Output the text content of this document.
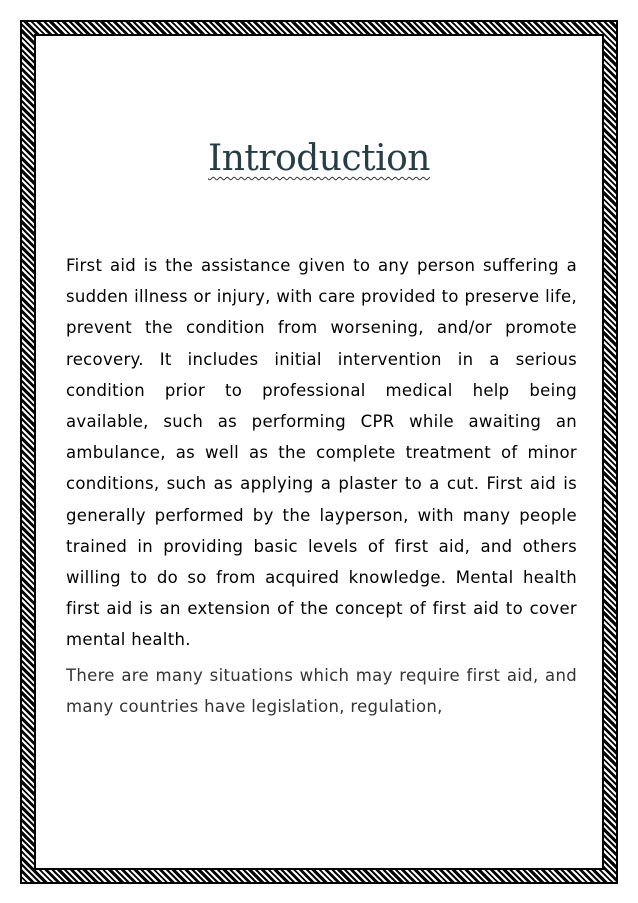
Introduction

First aid is the assistance given to any person suffering a sudden illness or injury, with care provided to preserve life, prevent the condition from worsening, and/or promote recovery. It includes initial intervention in a serious condition prior to professional medical help being available, such as performing CPR while awaiting an ambulance, as well as the complete treatment of minor conditions, such as applying a plaster to a cut. First aid is generally performed by the layperson, with many people trained in providing basic levels of first aid, and others willing to do so from acquired knowledge. Mental health first aid is an extension of the concept of first aid to cover mental health.

There are many situations which may require first aid, and many countries have legislation, regulation,
